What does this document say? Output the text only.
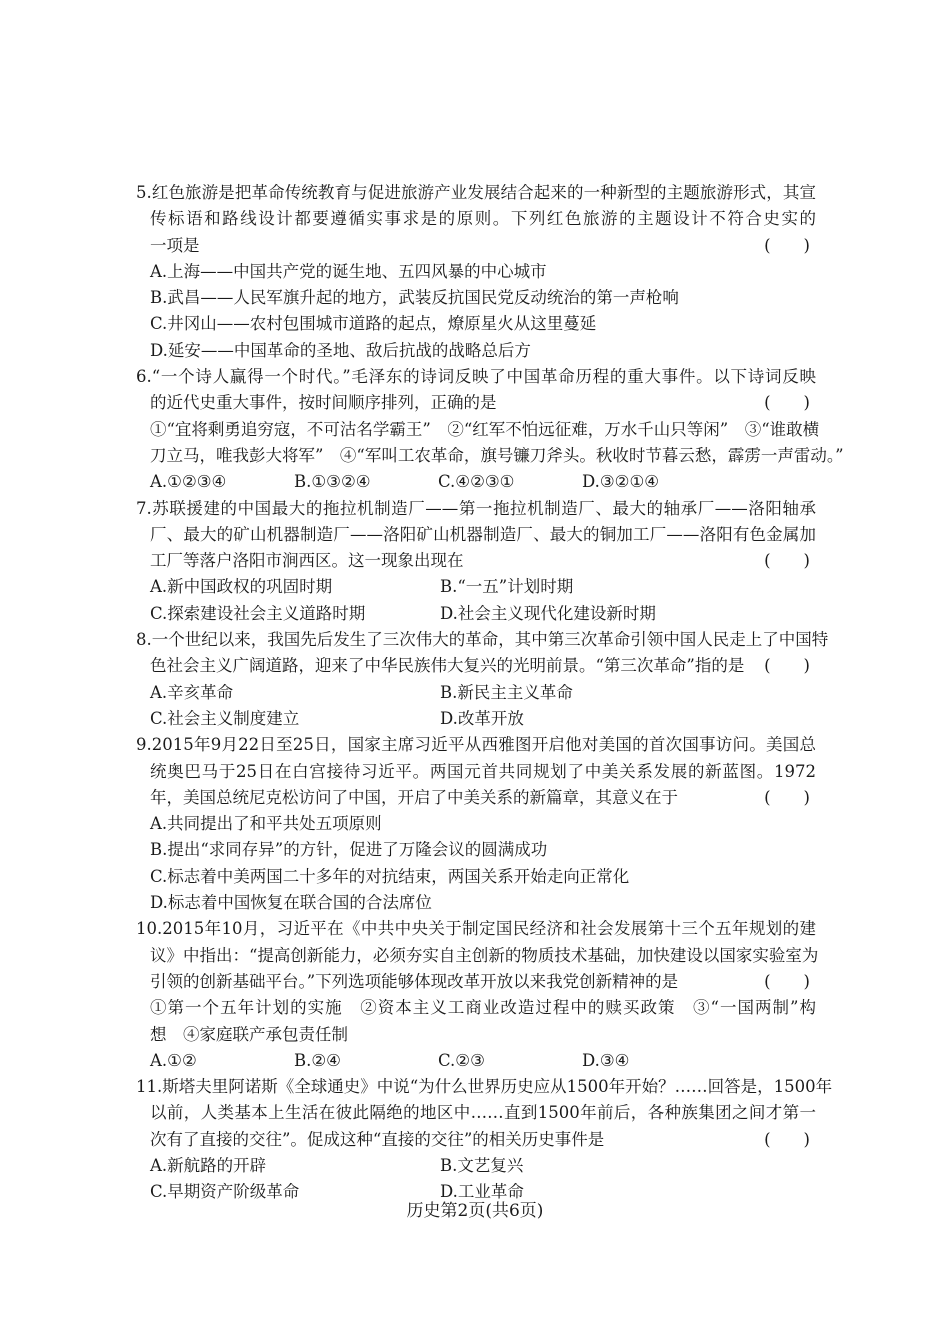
5.红色旅游是把革命传统教育与促进旅游产业发展结合起来的一种新型的主题旅游形式，其宣
传标语和路线设计都要遵循实事求是的原则。下列红色旅游的主题设计不符合史实的
一项是	(　　)
A.上海——中国共产党的诞生地、五四风暴的中心城市
B.武昌——人民军旗升起的地方，武装反抗国民党反动统治的第一声枪响
C.井冈山——农村包围城市道路的起点，燎原星火从这里蔓延
D.延安——中国革命的圣地、敌后抗战的战略总后方
6.“一个诗人赢得一个时代。”毛泽东的诗词反映了中国革命历程的重大事件。以下诗词反映
的近代史重大事件，按时间顺序排列，正确的是	(　　)
①“宜将剩勇追穷寇，不可沽名学霸王”　②“红军不怕远征难，万水千山只等闲”　③“谁敢横
刀立马，唯我彭大将军”　④“军叫工农革命，旗号镰刀斧头。秋收时节暮云愁，霹雳一声雷动。”
A.①②③④	B.①③②④	C.④②③①	D.③②①④
7.苏联援建的中国最大的拖拉机制造厂——第一拖拉机制造厂、最大的轴承厂——洛阳轴承
厂、最大的矿山机器制造厂——洛阳矿山机器制造厂、最大的铜加工厂——洛阳有色金属加
工厂等落户洛阳市涧西区。这一现象出现在	(　　)
A.新中国政权的巩固时期	B.“一五”计划时期
C.探索建设社会主义道路时期	D.社会主义现代化建设新时期
8.一个世纪以来，我国先后发生了三次伟大的革命，其中第三次革命引领中国人民走上了中国特
色社会主义广阔道路，迎来了中华民族伟大复兴的光明前景。“第三次革命”指的是 (　　)
A.辛亥革命	B.新民主主义革命
C.社会主义制度建立	D.改革开放
9.2015年9月22日至25日，国家主席习近平从西雅图开启他对美国的首次国事访问。美国总
统奥巴马于25日在白宫接待习近平。两国元首共同规划了中美关系发展的新蓝图。1972
年，美国总统尼克松访问了中国，开启了中美关系的新篇章，其意义在于	(　　)
A.共同提出了和平共处五项原则
B.提出“求同存异”的方针，促进了万隆会议的圆满成功
C.标志着中美两国二十多年的对抗结束，两国关系开始走向正常化
D.标志着中国恢复在联合国的合法席位
10.2015年10月，习近平在《中共中央关于制定国民经济和社会发展第十三个五年规划的建
议》中指出：“提高创新能力，必须夯实自主创新的物质技术基础，加快建设以国家实验室为
引领的创新基础平台。”下列选项能够体现改革开放以来我党创新精神的是	(　　)
①第一个五年计划的实施　②资本主义工商业改造过程中的赎买政策　③“一国两制”构
想　④家庭联产承包责任制
A.①②	B.②④	C.②③	D.③④
11.斯塔夫里阿诺斯《全球通史》中说“为什么世界历史应从1500年开始？……回答是，1500年
以前，人类基本上生活在彼此隔绝的地区中……直到1500年前后，各种族集团之间才第一
次有了直接的交往”。促成这种“直接的交往”的相关历史事件是	(　　)
A.新航路的开辟	B.文艺复兴
C.早期资产阶级革命	D.工业革命
历史第2页(共6页)
